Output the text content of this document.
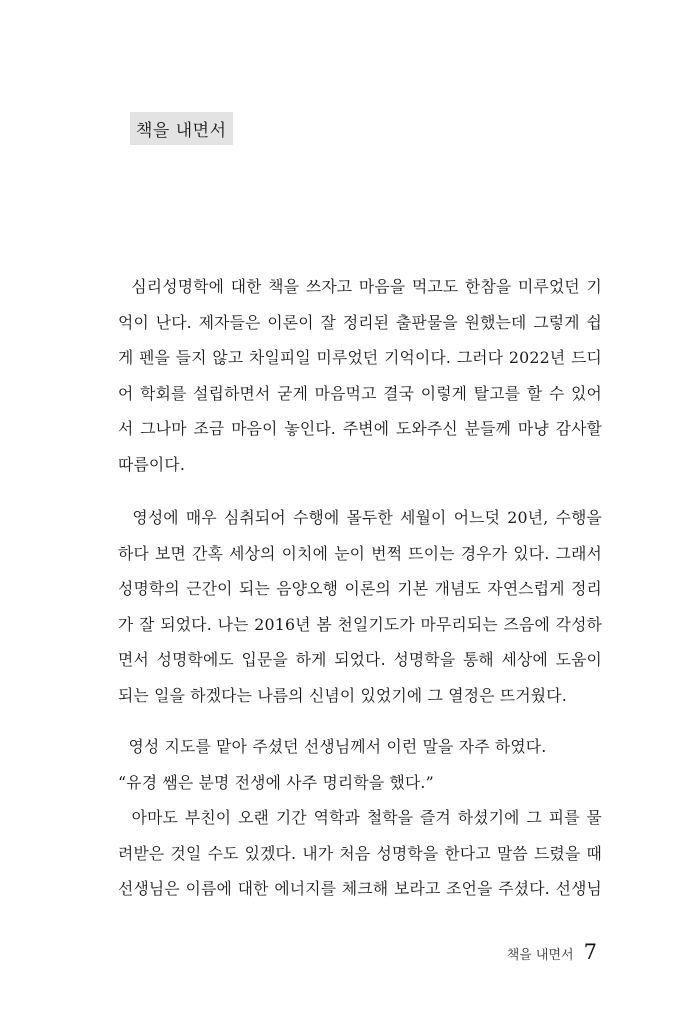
책을 내면서
심리성명학에 대한 책을 쓰자고 마음을 먹고도 한참을 미루었던 기
억이 난다. 제자들은 이론이 잘 정리된 출판물을 원했는데 그렇게 쉽
게 펜을 들지 않고 차일피일 미루었던 기억이다. 그러다 2022년 드디
어 학회를 설립하면서 굳게 마음먹고 결국 이렇게 탈고를 할 수 있어
서 그나마 조금 마음이 놓인다. 주변에 도와주신 분들께 마냥 감사할
따름이다.
영성에 매우 심취되어 수행에 몰두한 세월이 어느덧 20년, 수행을
하다 보면 간혹 세상의 이치에 눈이 번쩍 뜨이는 경우가 있다. 그래서
성명학의 근간이 되는 음양오행 이론의 기본 개념도 자연스럽게 정리
가 잘 되었다. 나는 2016년 봄 천일기도가 마무리되는 즈음에 각성하
면서 성명학에도 입문을 하게 되었다. 성명학을 통해 세상에 도움이
되는 일을 하겠다는 나름의 신념이 있었기에 그 열정은 뜨거웠다.
영성 지도를 맡아 주셨던 선생님께서 이런 말을 자주 하였다.
“유경 쌤은 분명 전생에 사주 명리학을 했다.”
아마도 부친이 오랜 기간 역학과 철학을 즐겨 하셨기에 그 피를 물
려받은 것일 수도 있겠다. 내가 처음 성명학을 한다고 말씀 드렸을 때
선생님은 이름에 대한 에너지를 체크해 보라고 조언을 주셨다. 선생님
책을 내면서 7
